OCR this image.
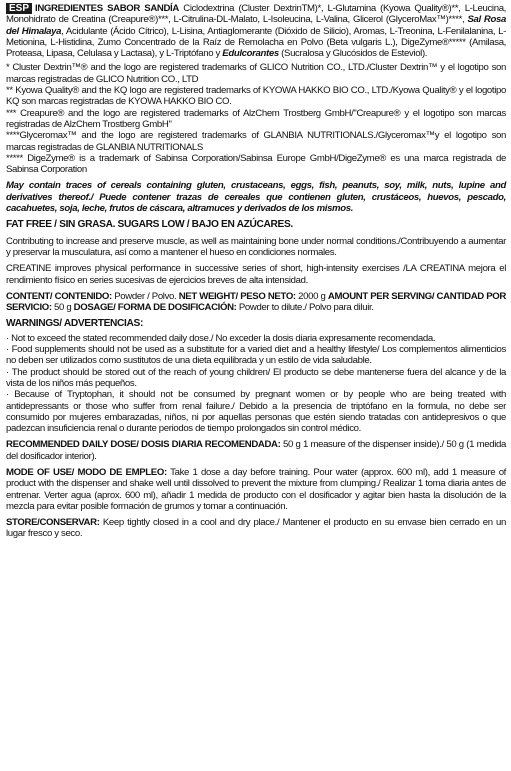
ESP INGREDIENTES SABOR SANDÍA Ciclodextrina (Cluster DextrinTM)*, L-Glutamina (Kyowa Quality®)**, L-Leucina, Monohidrato de Creatina (Creapure®)***, L-Citrulina-DL-Malato, L-Isoleucina, L-Valina, Glicerol (GlyceroMax™)****, Sal Rosa del Himalaya, Acidulante (Ácido Cítrico), L-Lisina, Antiaglomerante (Dióxido de Silicio), Aromas, L-Treonina, L-Fenilalanina, L-Metionina, L-Histidina, Zumo Concentrado de la Raíz de Remolacha en Polvo (Beta vulgaris L.), DigeZyme®***** (Amilasa, Proteasa, Lipasa, Celulasa y Lactasa), y L-Triptófano y Edulcorantes (Sucralosa y Glucósidos de Esteviol).

* Cluster Dextrin™® and the logo are registered trademarks of GLICO Nutrition CO., LTD./Cluster Dextrin™ y el logotipo son marcas registradas de GLICO Nutrition CO., LTD

** Kyowa Quality® and the KQ logo are registered trademarks of KYOWA HAKKO BIO CO., LTD./Kyowa Quality® y el logotipo KQ son marcas registradas de KYOWA HAKKO BIO CO.

*** Creapure® and the logo are registered trademarks of AlzChem Trostberg GmbH/"Creapure® y el logotipo son marcas registradas de AlzChem Trostberg GmbH"

****Glyceromax™ and the logo are registered trademarks of GLANBIA NUTRITIONALS./Glyceromax™y el logotipo son marcas registradas de GLANBIA NUTRITIONALS

***** DigeZyme® is a trademark of Sabinsa Corporation/Sabinsa Europe GmbH/DigeZyme® es una marca registrada de Sabinsa Corporation

May contain traces of cereals containing gluten, crustaceans, eggs, fish, peanuts, soy, milk, nuts, lupine and derivatives thereof./ Puede contener trazas de cereales que contienen gluten, crustáceos, huevos, pescado, cacahuetes, soja, leche, frutos de cáscara, altramuces y derivados de los mismos.

FAT FREE / SIN GRASA. SUGARS LOW / BAJO EN AZÚCARES.

Contributing to increase and preserve muscle, as well as maintaining bone under normal conditions./Contribuyendo a aumentar y preservar la musculatura, así como a mantener el hueso en condiciones normales.

CREATINE improves physical performance in successive series of short, high-intensity exercises /LA CREATINA mejora el rendimiento físico en series sucesivas de ejercicios breves de alta intensidad.

CONTENT/ CONTENIDO: Powder / Polvo. NET WEIGHT/ PESO NETO: 2000 g AMOUNT PER SERVING/ CANTIDAD POR SERVICIO: 50 g DOSAGE/ FORMA DE DOSIFICACIÓN: Powder to dilute./ Polvo para diluir.

WARNINGS/ ADVERTENCIAS:

· Not to exceed the stated recommended daily dose./ No exceder la dosis diaria expresamente recomendada.

· Food supplements should not be used as a substitute for a varied diet and a healthy lifestyle/ Los complementos alimenticios no deben ser utilizados como sustitutos de una dieta equilibrada y un estilo de vida saludable.

· The product should be stored out of the reach of young children/ El producto se debe mantenerse fuera del alcance y de la vista de los niños más pequeños.

· Because of Tryptophan, it should not be consumed by pregnant women or by people who are being treated with antidepressants or those who suffer from renal failure./ Debido a la presencia de triptófano en la formula, no debe ser consumido por mujeres embarazadas, niños, ni por aquellas personas que estén siendo tratadas con antidepresivos o que padezcan insuficiencia renal o durante periodos de tiempo prolongados sin control médico.

RECOMMENDED DAILY DOSE/ DOSIS DIARIA RECOMENDADA: 50 g 1 measure of the dispenser inside)./ 50 g (1 medida del dosificador interior).

MODE OF USE/ MODO DE EMPLEO: Take 1 dose a day before training. Pour water (approx. 600 ml), add 1 measure of product with the dispenser and shake well until dissolved to prevent the mixture from clumping./ Realizar 1 toma diaria antes de entrenar. Verter agua (aprox. 600 ml), añadir 1 medida de producto con el dosificador y agitar bien hasta la disolución de la mezcla para evitar posible formación de grumos y tomar a continuación.

STORE/CONSERVAR: Keep tightly closed in a cool and dry place./ Mantener el producto en su envase bien cerrado en un lugar fresco y seco.
